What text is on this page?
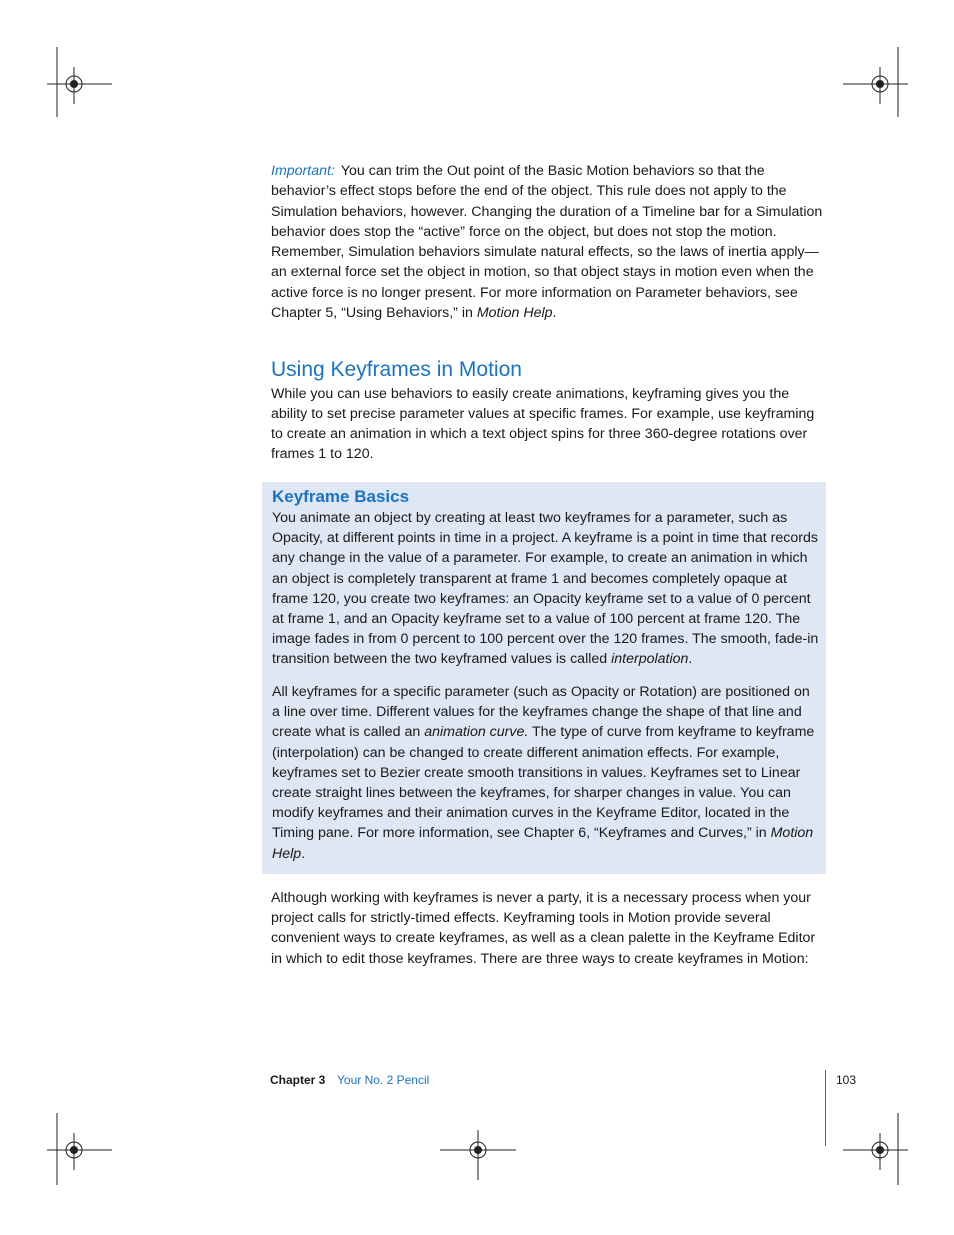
Important: You can trim the Out point of the Basic Motion behaviors so that the behavior’s effect stops before the end of the object. This rule does not apply to the Simulation behaviors, however. Changing the duration of a Timeline bar for a Simulation behavior does stop the “active” force on the object, but does not stop the motion. Remember, Simulation behaviors simulate natural effects, so the laws of inertia apply—an external force set the object in motion, so that object stays in motion even when the active force is no longer present. For more information on Parameter behaviors, see Chapter 5, “Using Behaviors,” in Motion Help.

Using Keyframes in Motion

While you can use behaviors to easily create animations, keyframing gives you the ability to set precise parameter values at specific frames. For example, use keyframing to create an animation in which a text object spins for three 360-degree rotations over frames 1 to 120.

Keyframe Basics

You animate an object by creating at least two keyframes for a parameter, such as Opacity, at different points in time in a project. A keyframe is a point in time that records any change in the value of a parameter. For example, to create an animation in which an object is completely transparent at frame 1 and becomes completely opaque at frame 120, you create two keyframes: an Opacity keyframe set to a value of 0 percent at frame 1, and an Opacity keyframe set to a value of 100 percent at frame 120. The image fades in from 0 percent to 100 percent over the 120 frames. The smooth, fade-in transition between the two keyframed values is called interpolation.

All keyframes for a specific parameter (such as Opacity or Rotation) are positioned on a line over time. Different values for the keyframes change the shape of that line and create what is called an animation curve. The type of curve from keyframe to keyframe (interpolation) can be changed to create different animation effects. For example, keyframes set to Bezier create smooth transitions in values. Keyframes set to Linear create straight lines between the keyframes, for sharper changes in value. You can modify keyframes and their animation curves in the Keyframe Editor, located in the Timing pane. For more information, see Chapter 6, “Keyframes and Curves,” in Motion Help.

Although working with keyframes is never a party, it is a necessary process when your project calls for strictly-timed effects. Keyframing tools in Motion provide several convenient ways to create keyframes, as well as a clean palette in the Keyframe Editor in which to edit those keyframes. There are three ways to create keyframes in Motion:

Chapter 3 Your No. 2 Pencil	103
